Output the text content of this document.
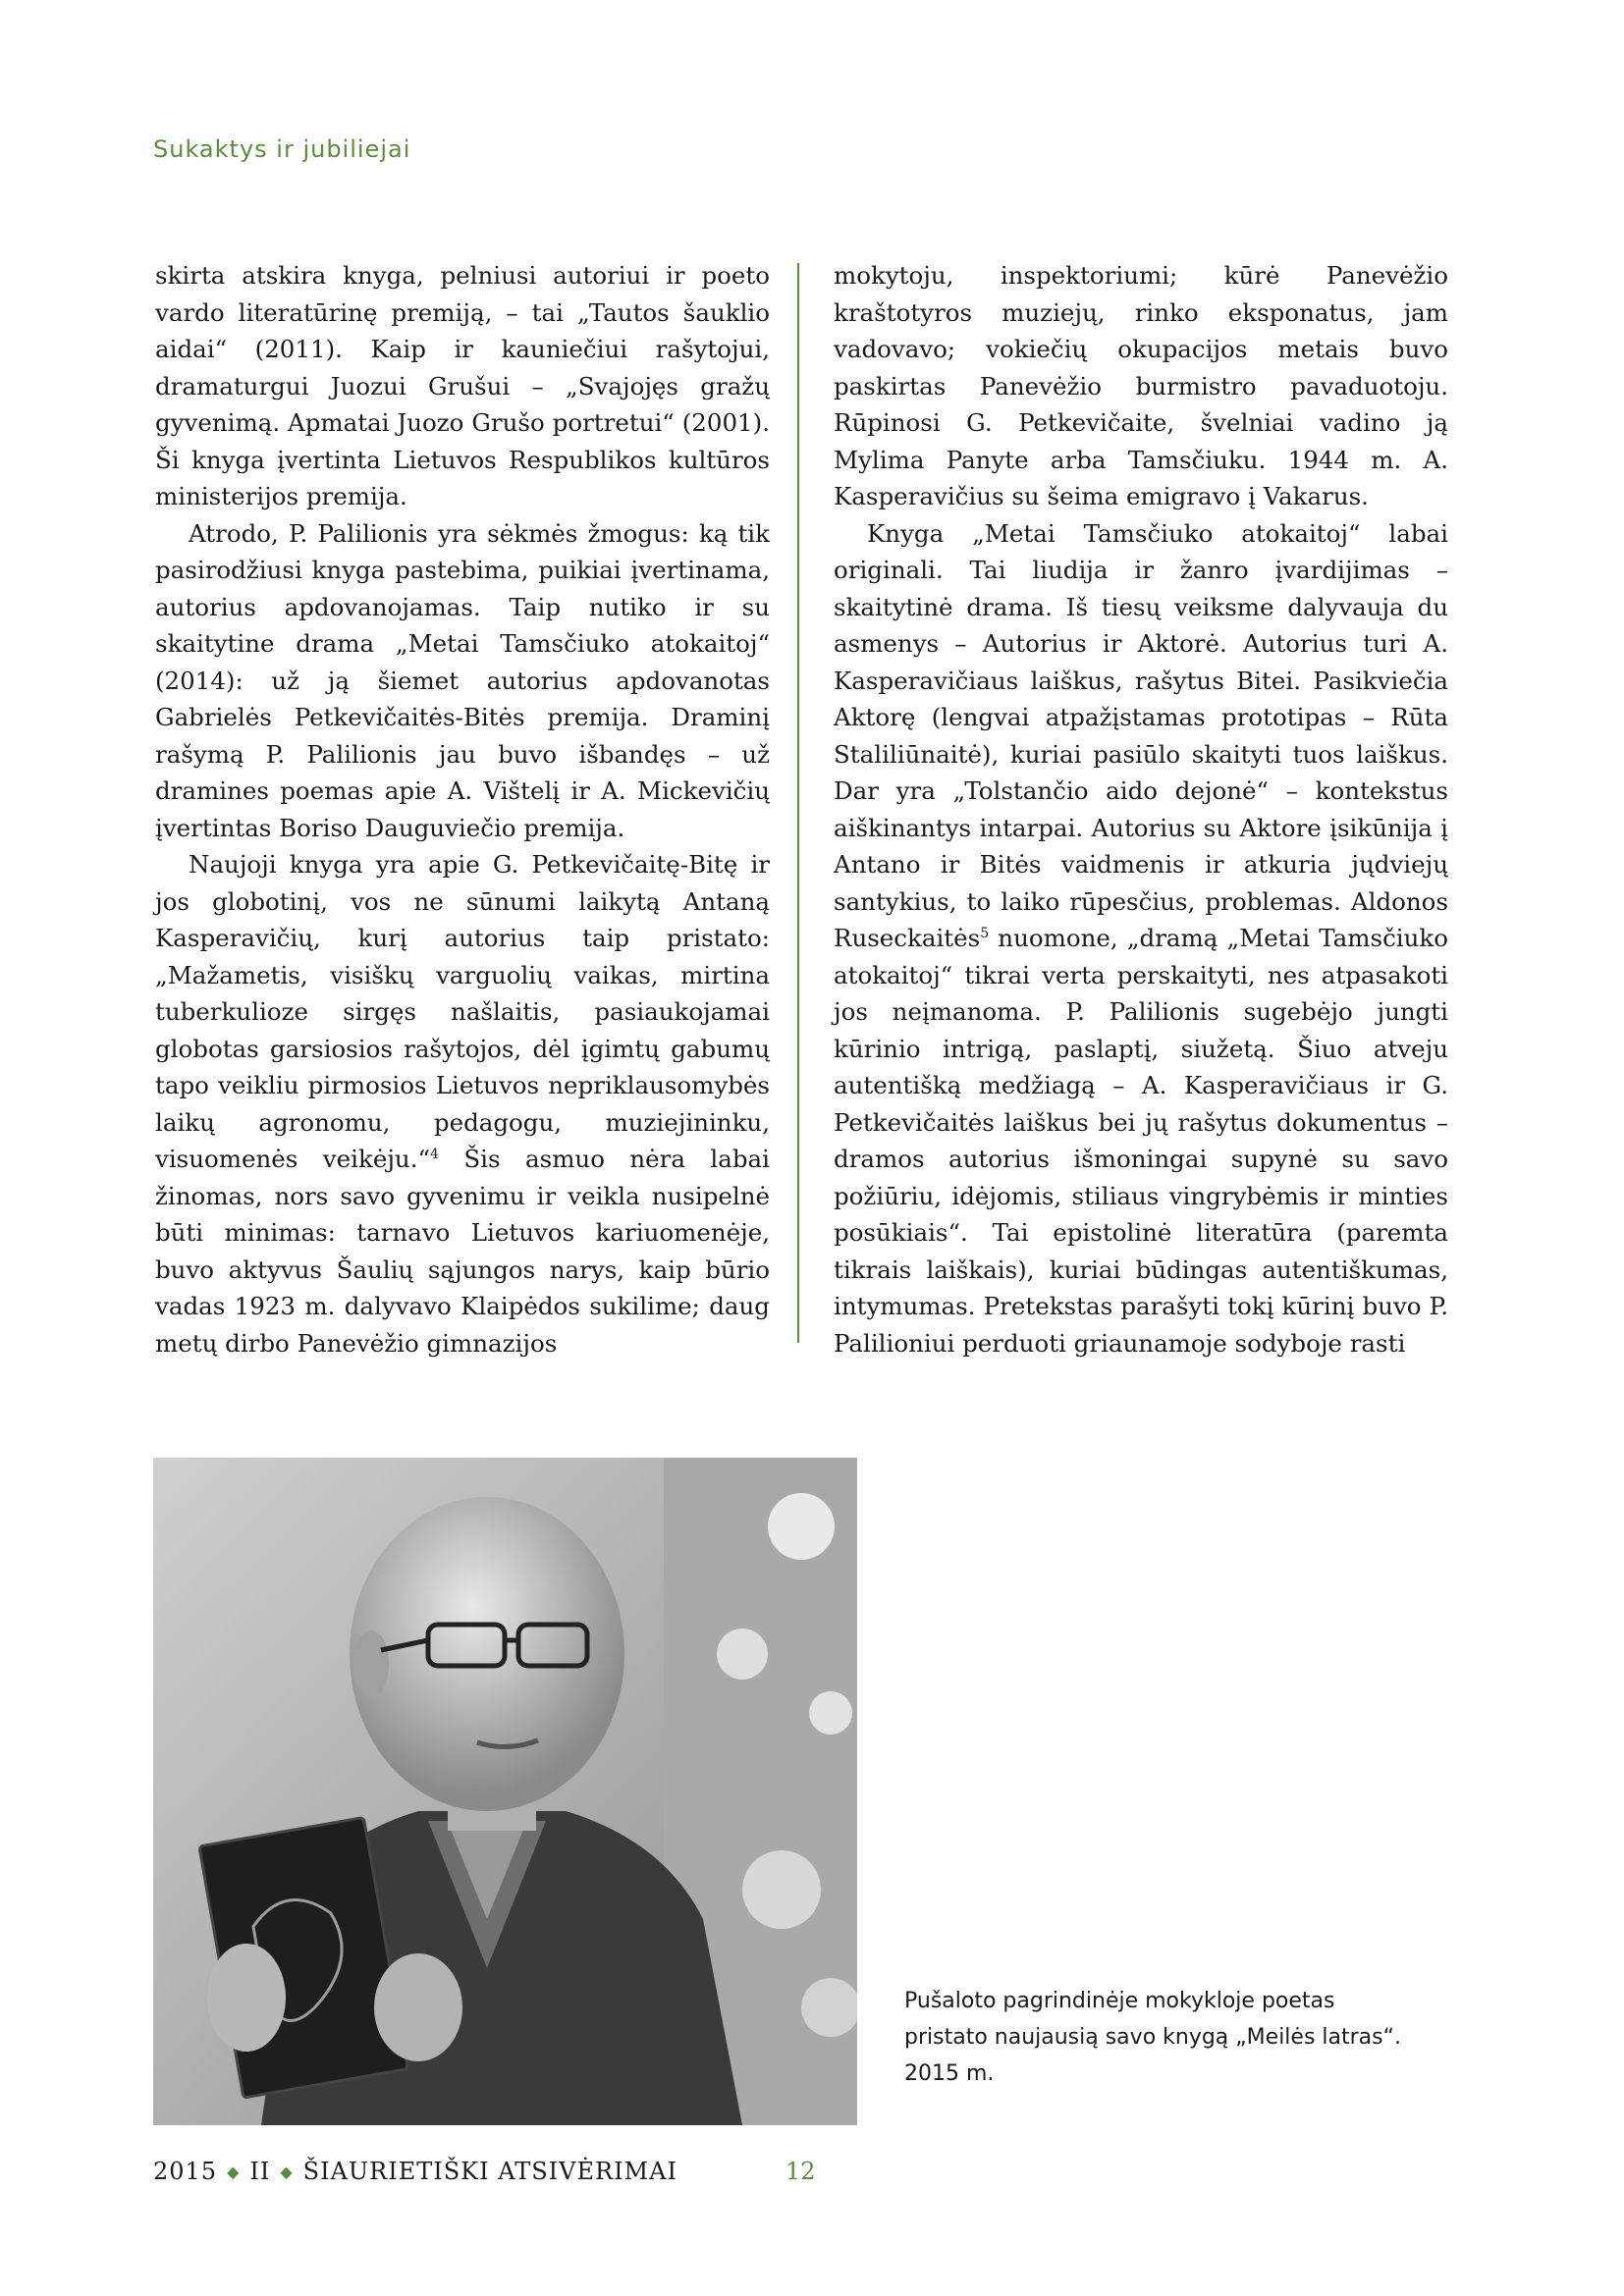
Sukaktys ir jubiliejai

skirta atskira knyga, pelniusi autoriui ir poeto vardo literatūrinę premiją, – tai „Tautos šauklio aidai“ (2011). Kaip ir kauniečiui rašytojui, dramaturgui Juozui Grušui – „Svajojęs gražų gyvenimą. Apmatai Juozo Grušo portretui“ (2001). Ši knyga įvertinta Lietuvos Respublikos kultūros ministerijos premija.

Atrodo, P. Palilionis yra sėkmės žmogus: ką tik pasirodžiusi knyga pastebima, puikiai įvertinama, autorius apdovanojamas. Taip nutiko ir su skaitytine drama „Metai Tamsčiuko atokaitoj“ (2014): už ją šiemet autorius apdovanotas Gabrielės Petkevičaitės-Bitės premija. Draminį rašymą P. Palilionis jau buvo išbandęs – už dramines poemas apie A. Vištelį ir A. Mickevičių įvertintas Boriso Dauguviečio premija.

Naujoji knyga yra apie G. Petkevičaitę-Bitę ir jos globotinį, vos ne sūnumi laikytą Antaną Kasperavičių, kurį autorius taip pristato: „Mažametis, visiškų varguolių vaikas, mirtina tuberkulioze sirgęs našlaitis, pasiaukojamai globotas garsiosios rašytojos, dėl įgimtų gabumų tapo veikliu pirmosios Lietuvos nepriklausomybės laikų agronomu, pedagogu, muziejininku, visuomenės veikėju.“$^4$ Šis asmuo nėra labai žinomas, nors savo gyvenimu ir veikla nusipelnė būti minimas: tarnavo Lietuvos kariuomenėje, buvo aktyvus Šaulių sąjungos narys, kaip būrio vadas 1923 m. dalyvavo Klaipėdos sukilime; daug metų dirbo Panevėžio gimnazijos

mokytoju, inspektoriumi; kūrė Panevėžio kraštotyros muziejų, rinko eksponatus, jam vadovavo; vokiečių okupacijos metais buvo paskirtas Panevėžio burmistro pavaduotoju. Rūpinosi G. Petkevičaite, švelniai vadino ją Mylima Panyte arba Tamsčiuku. 1944 m. A. Kasperavičius su šeima emigravo į Vakarus.

Knyga „Metai Tamsčiuko atokaitoj“ labai originali. Tai liudija ir žanro įvardijimas – skaitytinė drama. Iš tiesų veiksme dalyvauja du asmenys – Autorius ir Aktorė. Autorius turi A. Kasperavičiaus laiškus, rašytus Bitei. Pasikviečia Aktorę (lengvai atpažįstamas prototipas – Rūta Staliliūnaitė), kuriai pasiūlo skaityti tuos laiškus. Dar yra „Tolstančio aido dejonė“ – kontekstus aiškinantys intarpai. Autorius su Aktore įsikūnija į Antano ir Bitės vaidmenis ir atkuria jųdviejų santykius, to laiko rūpesčius, problemas. Aldonos Ruseckaitės$^5$ nuomone, „dramą „Metai Tamsčiuko atokaitoj“ tikrai verta perskaityti, nes atpasakoti jos neįmanoma. P. Palilionis sugebėjo jungti kūrinio intrigą, paslaptį, siužetą. Šiuo atveju autentišką medžiagą – A. Kasperavičiaus ir G. Petkevičaitės laiškus bei jų rašytus dokumentus – dramos autorius išmoningai supynė su savo požiūriu, idėjomis, stiliaus vingrybėmis ir minties posūkiais“. Tai epistolinė literatūra (paremta tikrais laiškais), kuriai būdingas autentiškumas, intymumas. Pretekstas parašyti tokį kūrinį buvo P. Palilioniui perduoti griaunamoje sodyboje rasti

Pušaloto pagrindinėje mokykloje poetas
pristato naujausią savo knygą „Meilės latras“.
2015 m.
2015 ◆ II ◆ ŠIAURIETIŠKI ATSIVĖRIMAI	12
